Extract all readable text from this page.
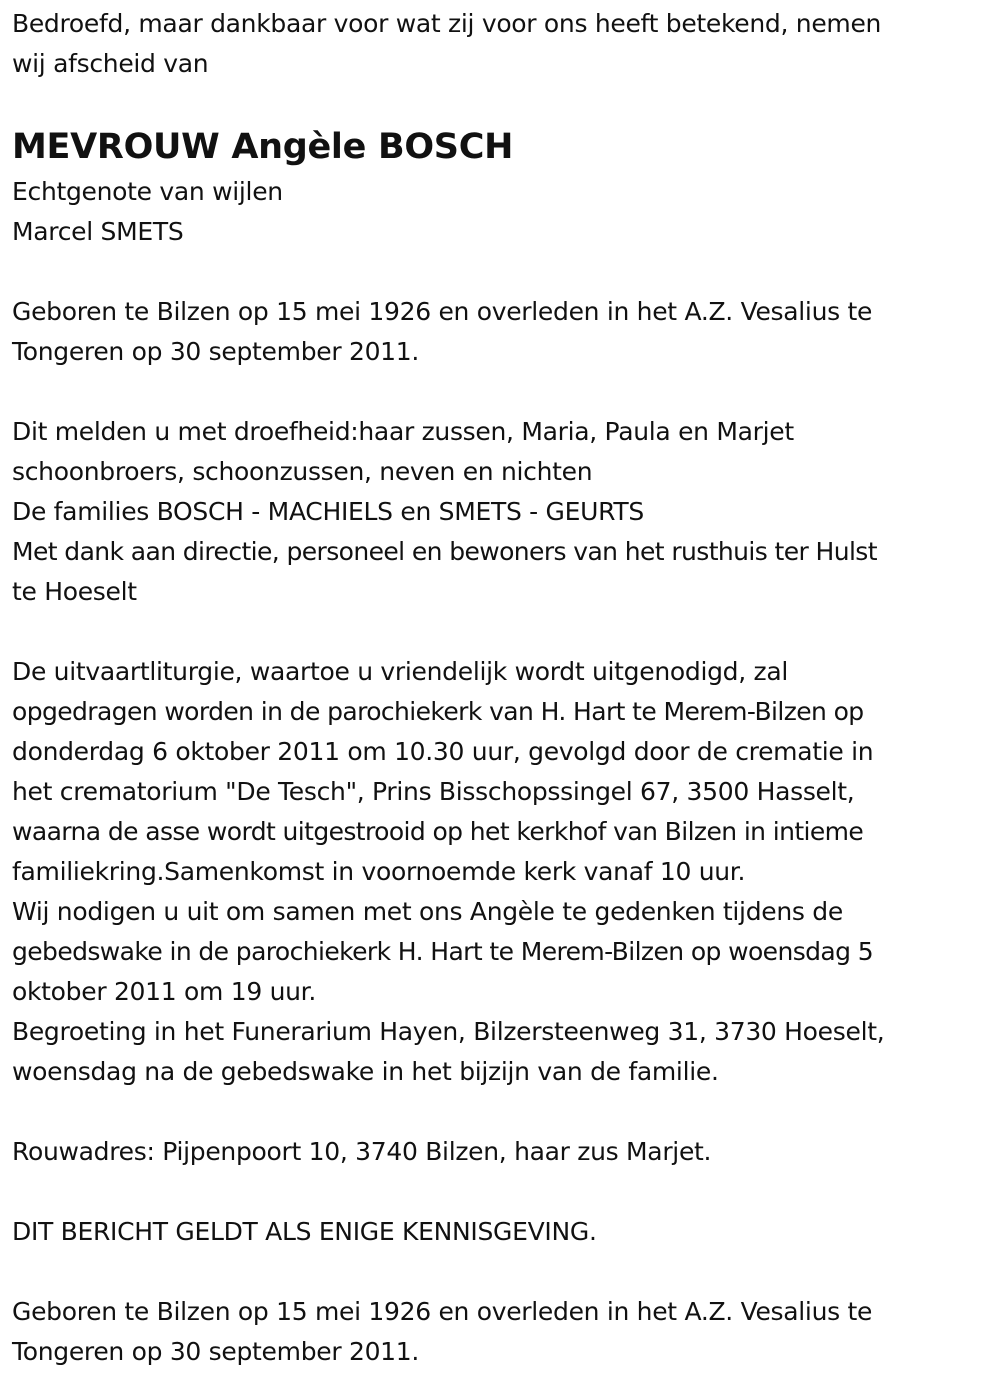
Bedroefd, maar dankbaar voor wat zij voor ons heeft betekend, nemen
wij afscheid van
MEVROUW Angèle BOSCH
Echtgenote van wijlen
Marcel SMETS
Geboren te Bilzen op 15 mei 1926 en overleden in het A.Z. Vesalius te
Tongeren op 30 september 2011.
Dit melden u met droefheid:haar zussen, Maria, Paula en Marjet
schoonbroers, schoonzussen, neven en nichten
De families BOSCH - MACHIELS en SMETS - GEURTS
Met dank aan directie, personeel en bewoners van het rusthuis ter Hulst
te Hoeselt
De uitvaartliturgie, waartoe u vriendelijk wordt uitgenodigd, zal
opgedragen worden in de parochiekerk van H. Hart te Merem-Bilzen op
donderdag 6 oktober 2011 om 10.30 uur, gevolgd door de crematie in
het crematorium "De Tesch", Prins Bisschopssingel 67, 3500 Hasselt,
waarna de asse wordt uitgestrooid op het kerkhof van Bilzen in intieme
familiekring.Samenkomst in voornoemde kerk vanaf 10 uur.
Wij nodigen u uit om samen met ons Angèle te gedenken tijdens de
gebedswake in de parochiekerk H. Hart te Merem-Bilzen op woensdag 5
oktober 2011 om 19 uur.
Begroeting in het Funerarium Hayen, Bilzersteenweg 31, 3730 Hoeselt,
woensdag na de gebedswake in het bijzijn van de familie.
Rouwadres: Pijpenpoort 10, 3740 Bilzen, haar zus Marjet.
DIT BERICHT GELDT ALS ENIGE KENNISGEVING.
Geboren te Bilzen op 15 mei 1926 en overleden in het A.Z. Vesalius te
Tongeren op 30 september 2011.
